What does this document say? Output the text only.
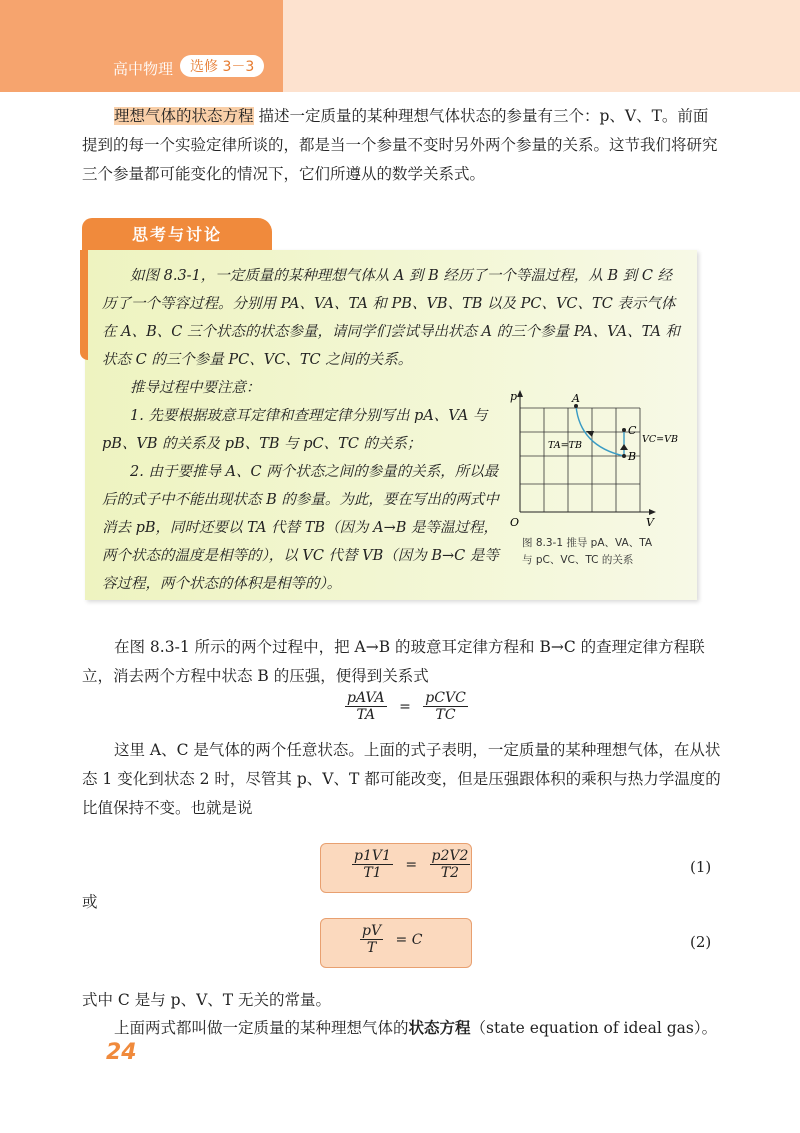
高中物理	选修 3－3
理想气体的状态方程 描述一定质量的某种理想气体状态的参量有三个：p、V、T。前面提到的每一个实验定律所谈的，都是当一个参量不变时另外两个参量的关系。这节我们将研究三个参量都可能变化的情况下，它们所遵从的数学关系式。
思考与讨论
如图 8.3-1，一定质量的某种理想气体从 A 到 B 经历了一个等温过程，从 B 到 C 经历了一个等容过程。分别用 PA、VA、TA 和 PB、VB、TB 以及 PC、VC、TC 表示气体在 A、B、C 三个状态的状态参量，请同学们尝试导出状态 A 的三个参量 PA、VA、TA 和状态 C 的三个参量 PC、VC、TC 之间的关系。
推导过程中要注意：
1. 先要根据玻意耳定律和查理定律分别写出 pA、VA 与 pB、VB 的关系及 pB、TB 与 pC、TC 的关系；
2. 由于要推导 A、C 两个状态之间的参量的关系，所以最后的式子中不能出现状态 B 的参量。为此，要在写出的两式中消去 pB，同时还要以 TA 代替 TB（因为 A→B 是等温过程，两个状态的温度是相等的），以 VC 代替 VB（因为 B→C 是等容过程，两个状态的体积是相等的）。
p
V
O
A
C
B
TA=TB
VC=VB
图 8.3-1 推导 pA、VA、TA
与 pC、VC、TC 的关系
在图 8.3-1 所示的两个过程中，把 A→B 的玻意耳定律方程和 B→C 的查理定律方程联立，消去两个方程中状态 B 的压强，便得到关系式
$\frac{\text{pAVA}}{TA} = \frac{\text{pCVC}}{TC}$
这里 A、C 是气体的两个任意状态。上面的式子表明，一定质量的某种理想气体，在从状态 1 变化到状态 2 时，尽管其 p、V、T 都可能改变，但是压强跟体积的乘积与热力学温度的比值保持不变。也就是说
$\frac{p1V1}{T1} = \frac{p2V2}{T2}$	(1)
或
$\frac{pV}{T} = C$	(2)
式中 C 是与 p、V、T 无关的常量。
上面两式都叫做一定质量的某种理想气体的状态方程（state equation of ideal gas）。
24
